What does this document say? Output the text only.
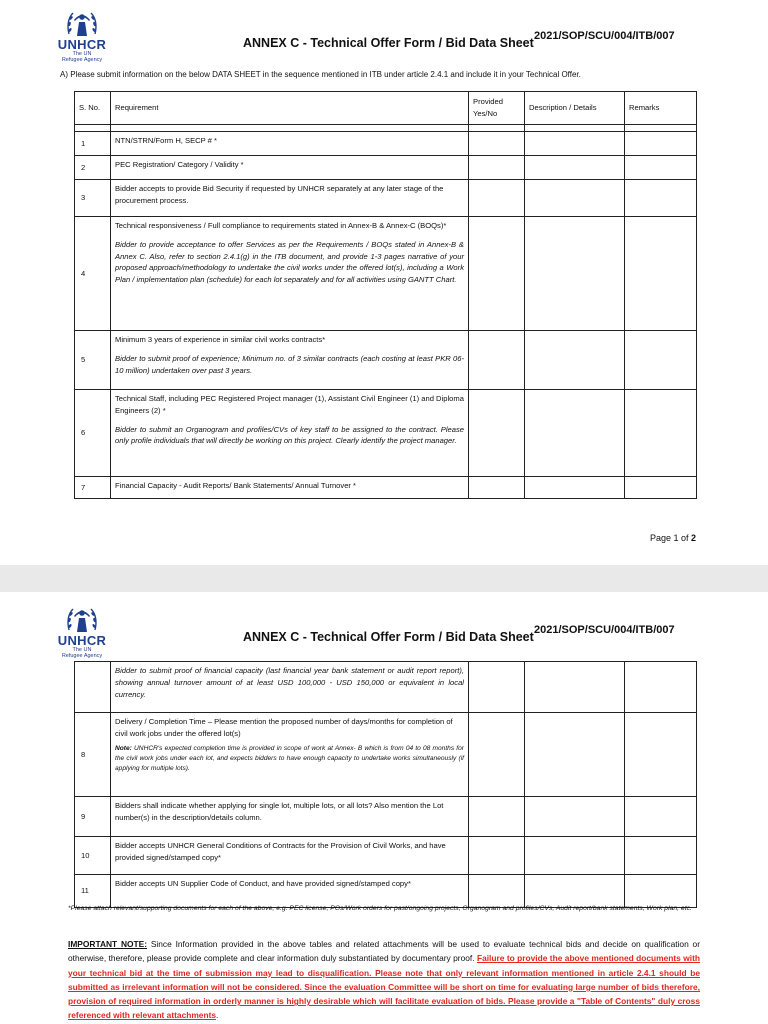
UNHCR
The UN
Refugee Agency
ANNEX C - Technical Offer Form / Bid Data Sheet 2021/SOP/SCU/004/ITB/007
A) Please submit information on the below DATA SHEET in the sequence mentioned in ITB under article 2.4.1 and include it in your Technical Offer.
S. No.	Requirement	Provided Yes/No	Description / Details	Remarks

1	NTN/STRN/Form H, SECP # *			

2	PEC Registration/ Category / Validity *			

3	Bidder accepts to provide Bid Security if requested by UNHCR separately at any later stage of the procurement process.			

4	Technical responsiveness / Full compliance to requirements stated in Annex-B & Annex-C (BOQs)*
Bidder to provide acceptance to offer Services as per the Requirements / BOQs stated in Annex-B & Annex C. Also, refer to section 2.4.1(g) in the ITB document, and provide 1-3 pages narrative of your proposed approach/methodology to undertake the civil works under the offered lot(s), including a Work Plan / implementation plan (schedule) for each lot separately and for all activities using GANTT Chart.			

5	Minimum 3 years of experience in similar civil works contracts*
Bidder to submit proof of experience; Minimum no. of 3 similar contracts (each costing at least PKR 06-10 million) undertaken over past 3 years.			

6	Technical Staff, including PEC Registered Project manager (1), Assistant Civil Engineer (1) and Diploma Engineers (2) *
Bidder to submit an Organogram and profiles/CVs of key staff to be assigned to the contract. Please only profile individuals that will directly be working on this project. Clearly identify the project manager.			

7	Financial Capacity - Audit Reports/ Bank Statements/ Annual Turnover *			

Page 1 of 2
UNHCR
The UN
Refugee Agency
ANNEX C - Technical Offer Form / Bid Data Sheet 2021/SOP/SCU/004/ITB/007

	Bidder to submit proof of financial capacity (last financial year bank statement or audit report report), showing annual turnover amount of at least USD 100,000 - USD 150,000 or equivalent in local currency.			

8	Delivery / Completion Time – Please mention the proposed number of days/months for completion of civil work jobs under the offered lot(s)
Note: UNHCR's expected completion time is provided in scope of work at Annex- B which is from 04 to 08 months for the civil work jobs under each lot, and expects bidders to have enough capacity to undertake works simultaneously (if applying for multiple lots).			

9	Bidders shall indicate whether applying for single lot, multiple lots, or all lots? Also mention the Lot number(s) in the description/details column.			

10	Bidder accepts UNHCR General Conditions of Contracts for the Provision of Civil Works, and have provided signed/stamped copy*			

11	Bidder accepts UN Supplier Code of Conduct, and have provided signed/stamped copy*			

*Please attach relevant/supporting documents for each of the above, e.g. PEC license, POs/Work orders for past/ongoing projects, Organogram and profiles/CVs, Audit report/bank statements, Work plan, etc.
IMPORTANT NOTE: Since Information provided in the above tables and related attachments will be used to evaluate technical bids and decide on qualification or otherwise, therefore, please provide complete and clear information duly substantiated by documentary proof. Failure to provide the above mentioned documents with your technical bid at the time of submission may lead to disqualification. Please note that only relevant information mentioned in article 2.4.1 should be submitted as irrelevant information will not be considered. Since the evaluation Committee will be short on time for evaluating large number of bids therefore, provision of required information in orderly manner is highly desirable which will facilitate evaluation of bids. Please provide a "Table of Contents" duly cross referenced with relevant attachments.
